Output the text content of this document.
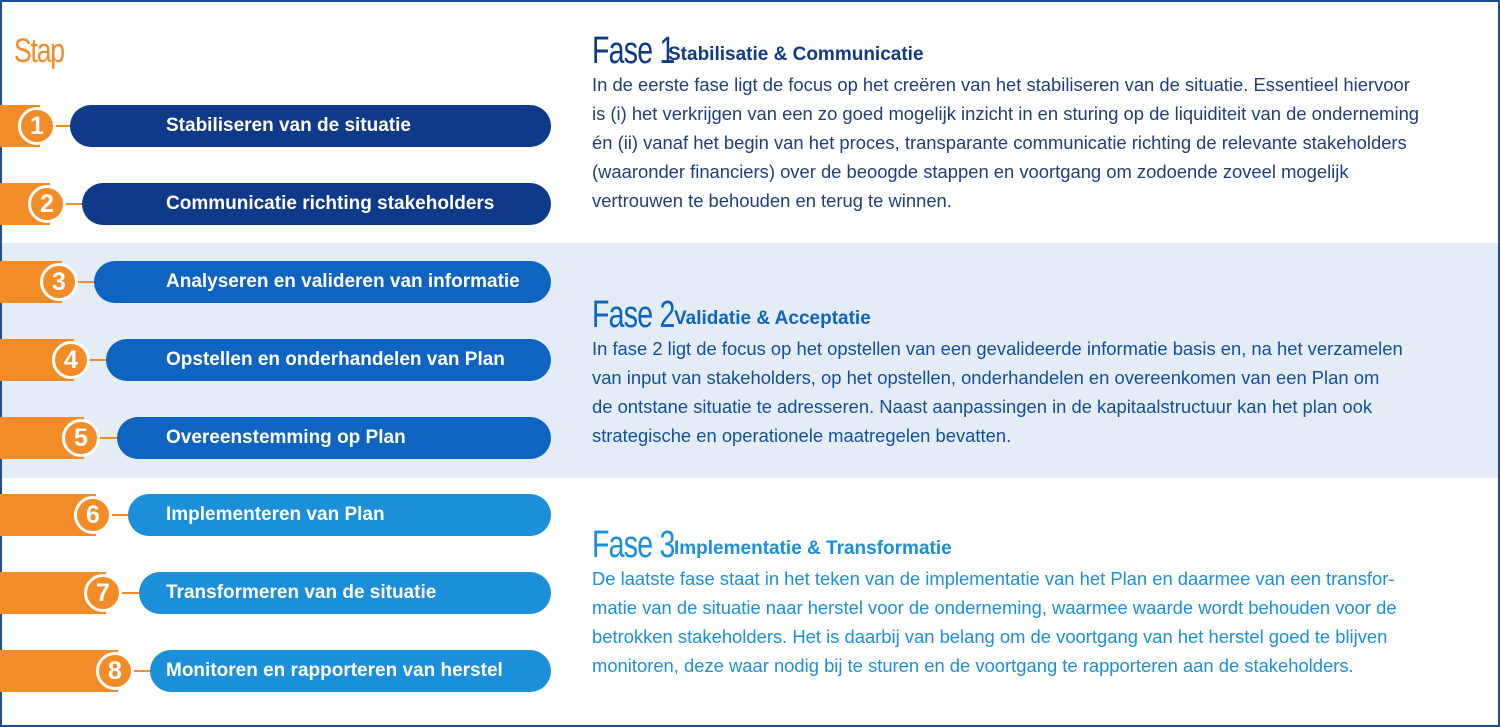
Stap
1	Stabiliseren van de situatie
2	Communicatie richting stakeholders
3	Analyseren en valideren van informatie
4	Opstellen en onderhandelen van Plan
5	Overeenstemming op Plan
6	Implementeren van Plan
7	Transformeren van de situatie
8	Monitoren en rapporteren van herstel
Fase 1
Stabilisatie & Communicatie
In de eerste fase ligt de focus op het creëren van het stabiliseren van de situatie. Essentieel hiervoor
is (i) het verkrijgen van een zo goed mogelijk inzicht in en sturing op de liquiditeit van de onderneming
én (ii) vanaf het begin van het proces, transparante communicatie richting de relevante stakeholders
(waaronder financiers) over de beoogde stappen en voortgang om zodoende zoveel mogelijk
vertrouwen te behouden en terug te winnen.
Fase 2 Validatie & Acceptatie
In fase 2 ligt de focus op het opstellen van een gevalideerde informatie basis en, na het verzamelen
van input van stakeholders, op het opstellen, onderhandelen en overeenkomen van een Plan om
de ontstane situatie te adresseren. Naast aanpassingen in de kapitaalstructuur kan het plan ook
strategische en operationele maatregelen bevatten.
Fase 3 Implementatie & Transformatie
De laatste fase staat in het teken van de implementatie van het Plan en daarmee van een transfor-
matie van de situatie naar herstel voor de onderneming, waarmee waarde wordt behouden voor de
betrokken stakeholders. Het is daarbij van belang om de voortgang van het herstel goed te blijven
monitoren, deze waar nodig bij te sturen en de voortgang te rapporteren aan de stakeholders.
